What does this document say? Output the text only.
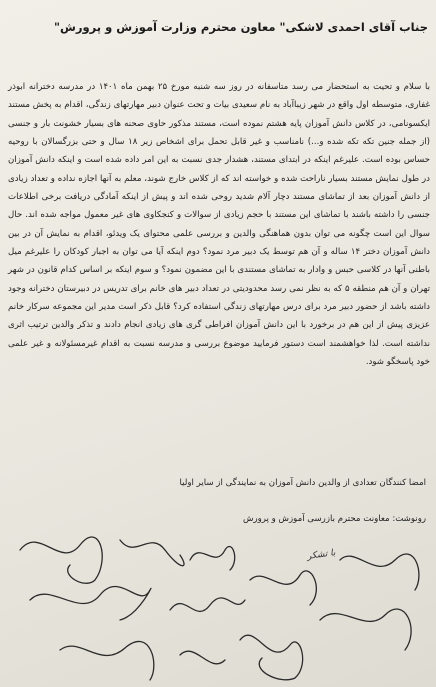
جناب آقای احمدی لاشکی" معاون محترم وزارت آموزش و پرورش"

با سلام و تحیت به استحضار می رسد متاسفانه در روز سه شنبه مورخ ۲۵ بهمن ماه ۱۴۰۱ در مدرسه دخترانه ابوذر غفاری، متوسطه اول واقع در شهر زیباآباد به نام سعیدی بیات و تحت عنوان دبیر مهارتهای زندگی، اقدام به پخش مستند ایکسونامی، در کلاس دانش آموزان پایه هشتم نموده است، مستند مذکور حاوی صحنه های بسیار خشونت بار و جنسی (از جمله جنین تکه تکه شده و...) نامناسب و غیر قابل تحمل برای اشخاص زیر ۱۸ سال و حتی بزرگسالان با روحیه حساس بوده است. علیرغم اینکه در ابتدای مستند، هشدار جدی نسبت به این امر داده شده است و اینکه دانش آموزان در طول نمایش مستند بسیار ناراحت شده و خواسته اند که از کلاس خارج شوند، معلم به آنها اجازه نداده و تعداد زیادی از دانش آموزان بعد از تماشای مستند دچار آلام شدید روحی شده اند و پیش از اینکه آمادگی دریافت برخی اطلاعات جنسی را داشته باشند با تماشای این مستند با حجم زیادی از سوالات و کنجکاوی های غیر معمول مواجه شده اند. حال سوال این است چگونه می توان بدون هماهنگی والدین و بررسی علمی محتوای یک ویدئو، اقدام به نمایش آن در بین دانش آموزان دختر ۱۴ ساله و آن هم توسط یک دبیر مرد نمود؟ دوم اینکه آیا می توان به اجبار کودکان را علیرغم میل باطنی آنها در کلاسی حبس و وادار به تماشای مستندی با این مضمون نمود؟ و سوم اینکه بر اساس کدام قانون در شهر تهران و آن هم منطقه ۵ که به نظر نمی رسد محدودیتی در تعداد دبیر های خانم برای تدریس در دبیرستان دخترانه وجود داشته باشد از حضور دبیر مرد برای درس مهارتهای زندگی استفاده کرد؟ قابل ذکر است مدیر این مجموعه سرکار خانم عزیزی پیش از این هم در برخورد با این دانش آموزان افراطی گری های زیادی انجام دادند و تذکر والدین ترتیب اثری نداشته است. لذا خواهشمند است دستور فرمایید موضوع بررسی و مدرسه نسبت به اقدام غیرمسئولانه و غیر علمی خود پاسخگو شود.

امضا کنندگان تعدادی از والدین دانش آموزان به نمایندگی از سایر اولیا
رونوشت: معاونت محترم بازرسی آموزش و پرورش
با تشکر
